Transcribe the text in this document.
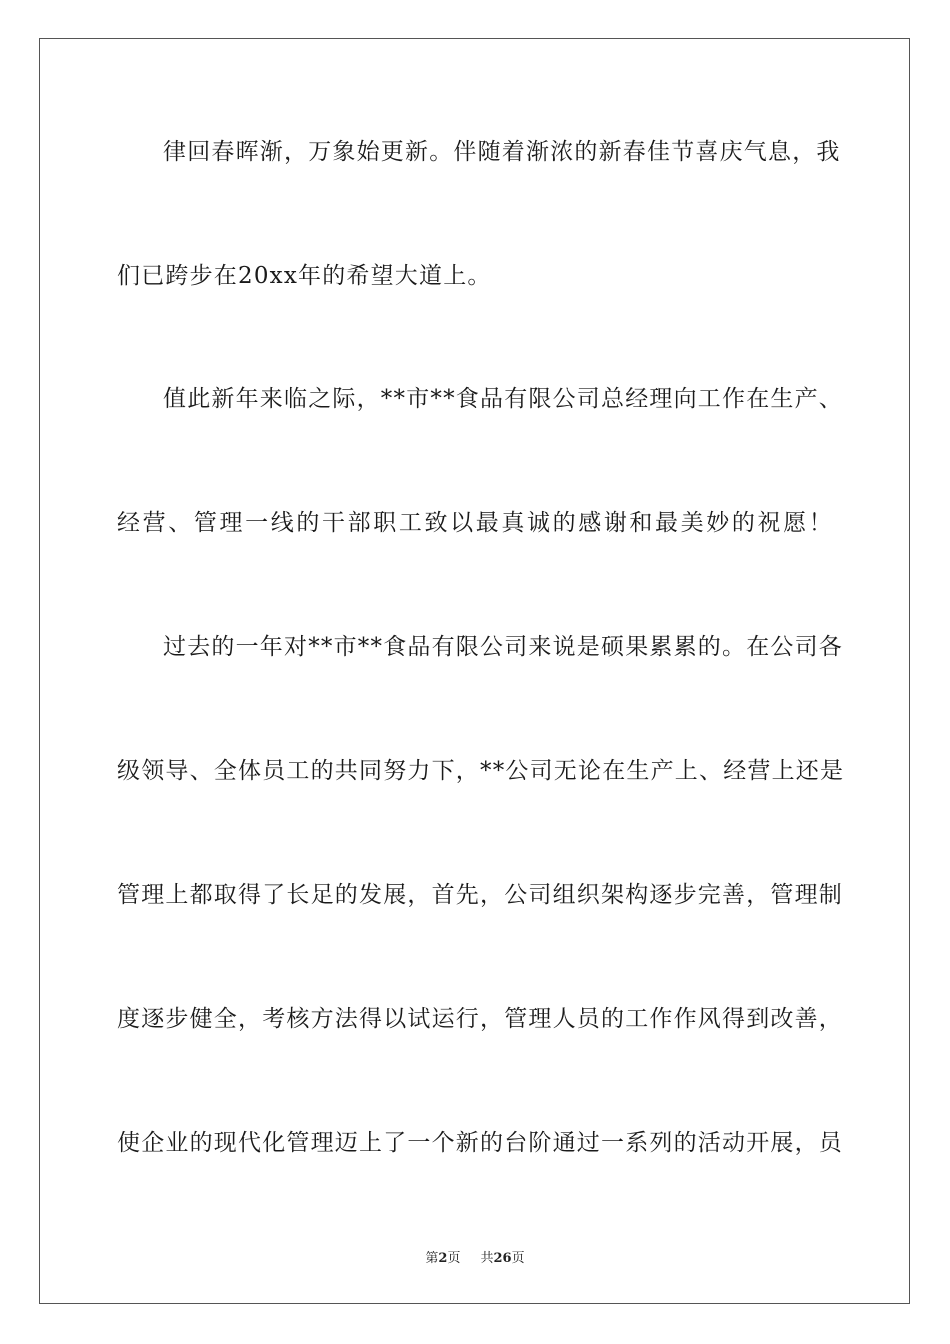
律回春晖渐，万象始更新。伴随着渐浓的新春佳节喜庆气息，我
们已跨步在20xx年的希望大道上。
值此新年来临之际，**市**食品有限公司总经理向工作在生产、
经营、管理一线的干部职工致以最真诚的感谢和最美妙的祝愿！
过去的一年对**市**食品有限公司来说是硕果累累的。在公司各
级领导、全体员工的共同努力下，**公司无论在生产上、经营上还是
管理上都取得了长足的发展，首先，公司组织架构逐步完善，管理制
度逐步健全，考核方法得以试运行，管理人员的工作作风得到改善，
使企业的现代化管理迈上了一个新的台阶通过一系列的活动开展，员
第2页 共26页
